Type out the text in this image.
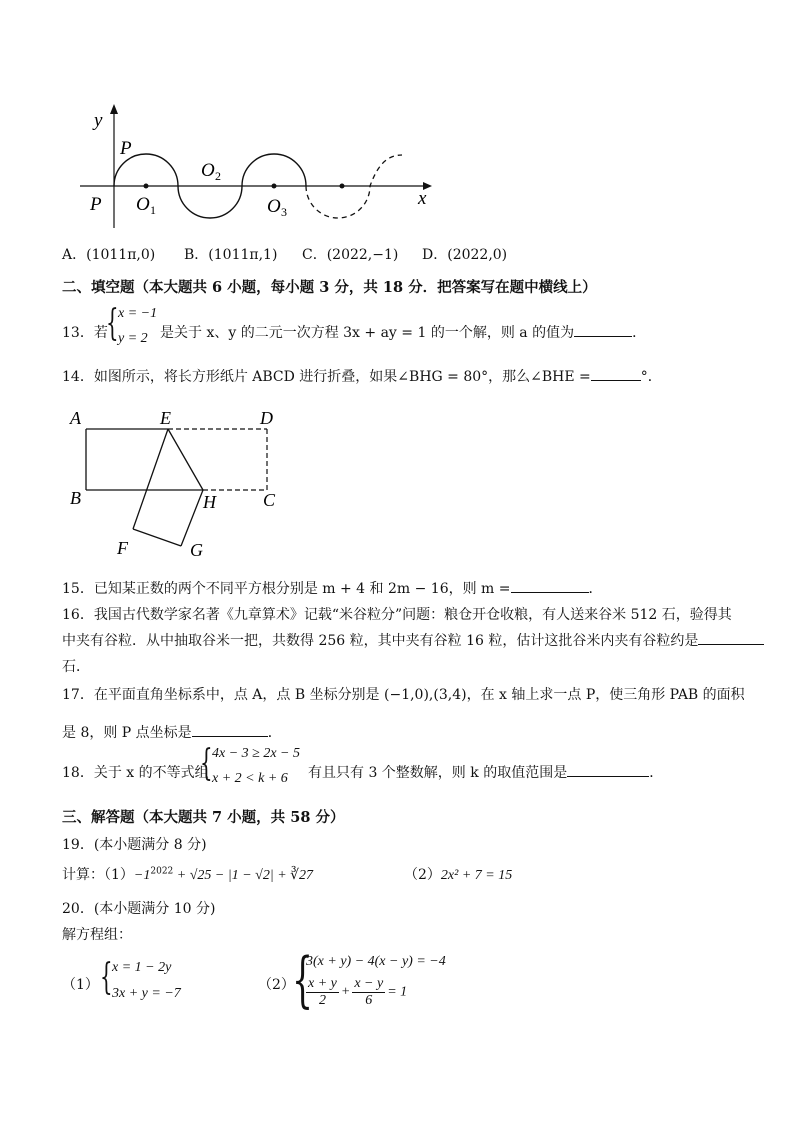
y
x
P
P O 1
O 2
O 3
A．(1011π,0) B．(1011π,1) C．(2022,−1) D．(2022,0)
二、填空题（本大题共 6 小题，每小题 3 分，共 18 分．把答案写在题中横线上）
13．若
{ x = −1
y = 2 是关于 x、y 的二元一次方程 3x + ay = 1 的一个解，则 a 的值为	．
14．如图所示，将长方形纸片 ABCD 进行折叠，如果∠BHG = 80°，那么∠BHE =	°．
A	E	D
B	H	C
F	G
15．已知某正数的两个不同平方根分别是 m + 4 和 2m − 16，则 m =	．
16．我国古代数学家名著《九章算术》记载“米谷粒分”问题：粮仓开仓收粮，有人送来谷米 512 石，验得其
中夹有谷粒．从中抽取谷米一把，共数得 256 粒，其中夹有谷粒 16 粒，估计这批谷米内夹有谷粒约是
石．
17．在平面直角坐标系中，点 A，点 B 坐标分别是 (−1,0),(3,4)，在 x 轴上求一点 P，使三角形 PAB 的面积
是 8，则 P 点坐标是	．
18．关于 x 的不等式组
{ 4x − 3 ≥ 2x − 5
x + 2 < k + 6 有且只有 3 个整数解，则 k 的取值范围是	．
三、解答题（本大题共 7 小题，共 58 分）
19．(本小题满分 8 分)
计算：$(1)-1^{2022} + √25 - |1 - √2|$ + ∛27	（2）2x² + 7 = 15
20．(本小题满分 10 分)
解方程组：
（1） { x = 1 − 2y
3x + y = −7
（2）
{
3(x + y) − 4(x − y) = −4
$\frac{x + y}{2} + \frac{x - y}{6} = 1$
